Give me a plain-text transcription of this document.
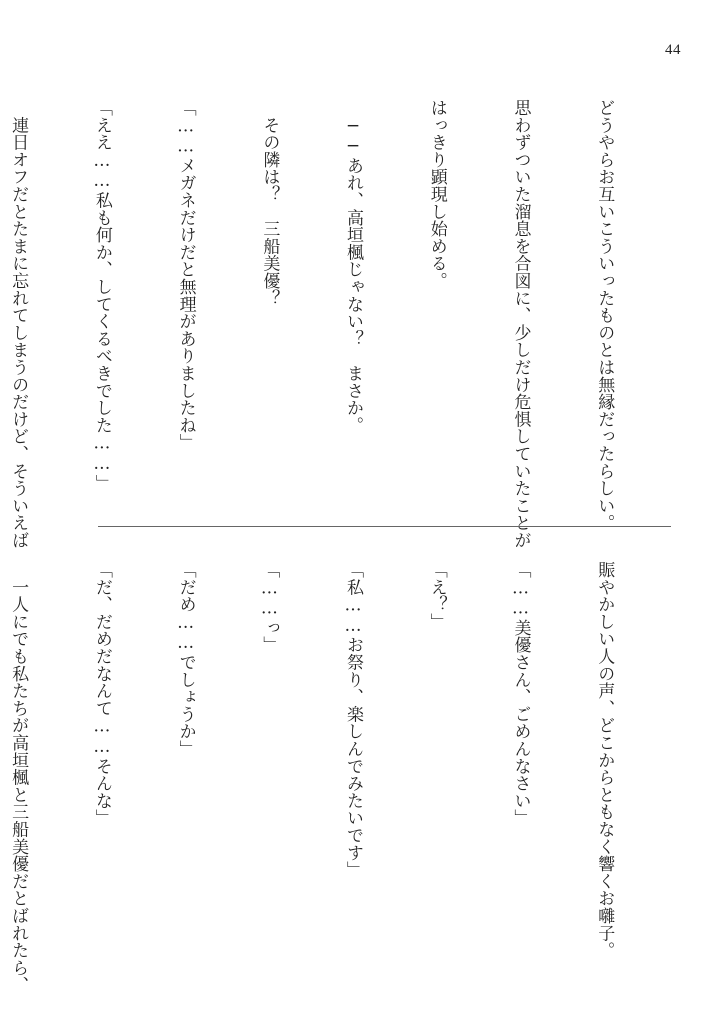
44

どうやらお互いこういったものとは無縁だったらしい。

思わずついた溜息を合図に、少しだけ危惧していたことが

はっきり顕現し始める。

　──あれ、高垣楓じゃない？　まさか。

　その隣は？　三船美優？

「……メガネだけだと無理がありましたね」

「ええ……私も何か、してくるべきでした……」

　連日オフだとたまに忘れてしまうのだけど、そういえば

賑やかしい人の声、どこからともなく響くお囃子。

「……美優さん、ごめんなさい」

「え？」

「私……お祭り、楽しんでみたいです」

「……っ」

「だめ……でしょうか」

「だ、だめだなんて……そんな」

　一人にでも私たちが高垣楓と三船美優だとばれたら、
